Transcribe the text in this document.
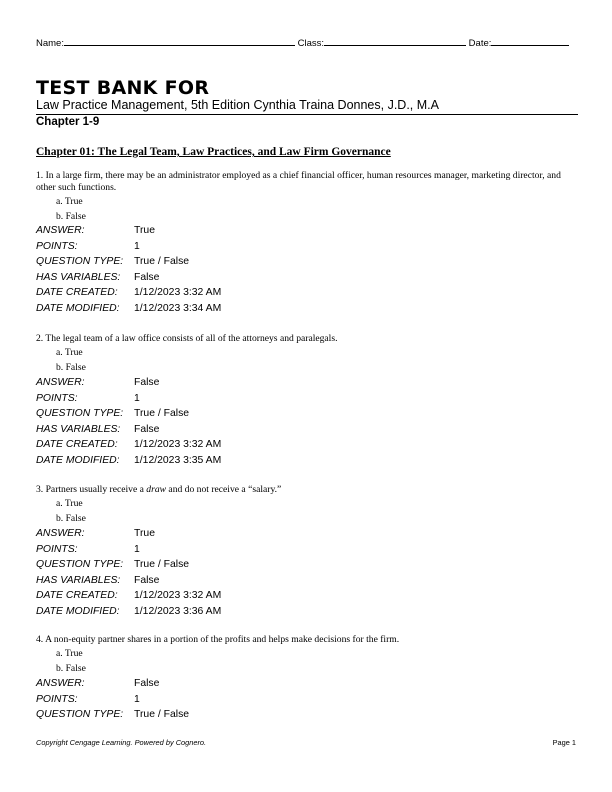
Name:	Class:	Date:
TEST BANK FOR
Law Practice Management, 5th Edition Cynthia Traina Donnes, J.D., M.A
Chapter 1-9
Chapter 01: The Legal Team, Law Practices, and Law Firm Governance
1. In a large firm, there may be an administrator employed as a chief financial officer, human resources manager, marketing director, and other such functions.
a. True
b. False
ANSWER:	True
POINTS:	1
QUESTION TYPE: True / False
HAS VARIABLES: False
DATE CREATED: 1/12/2023 3:32 AM
DATE MODIFIED: 1/12/2023 3:34 AM
2. The legal team of a law office consists of all of the attorneys and paralegals.
a. True
b. False
ANSWER:	False
POINTS:	1
QUESTION TYPE: True / False
HAS VARIABLES: False
DATE CREATED: 1/12/2023 3:32 AM
DATE MODIFIED: 1/12/2023 3:35 AM
3. Partners usually receive a draw and do not receive a “salary.”
a. True
b. False
ANSWER:	True
POINTS:	1
QUESTION TYPE: True / False
HAS VARIABLES: False
DATE CREATED: 1/12/2023 3:32 AM
DATE MODIFIED: 1/12/2023 3:36 AM
4. A non-equity partner shares in a portion of the profits and helps make decisions for the firm.
a. True
b. False
ANSWER:	False
POINTS:	1
QUESTION TYPE: True / False
Copyright Cengage Learning. Powered by Cognero.	Page 1
